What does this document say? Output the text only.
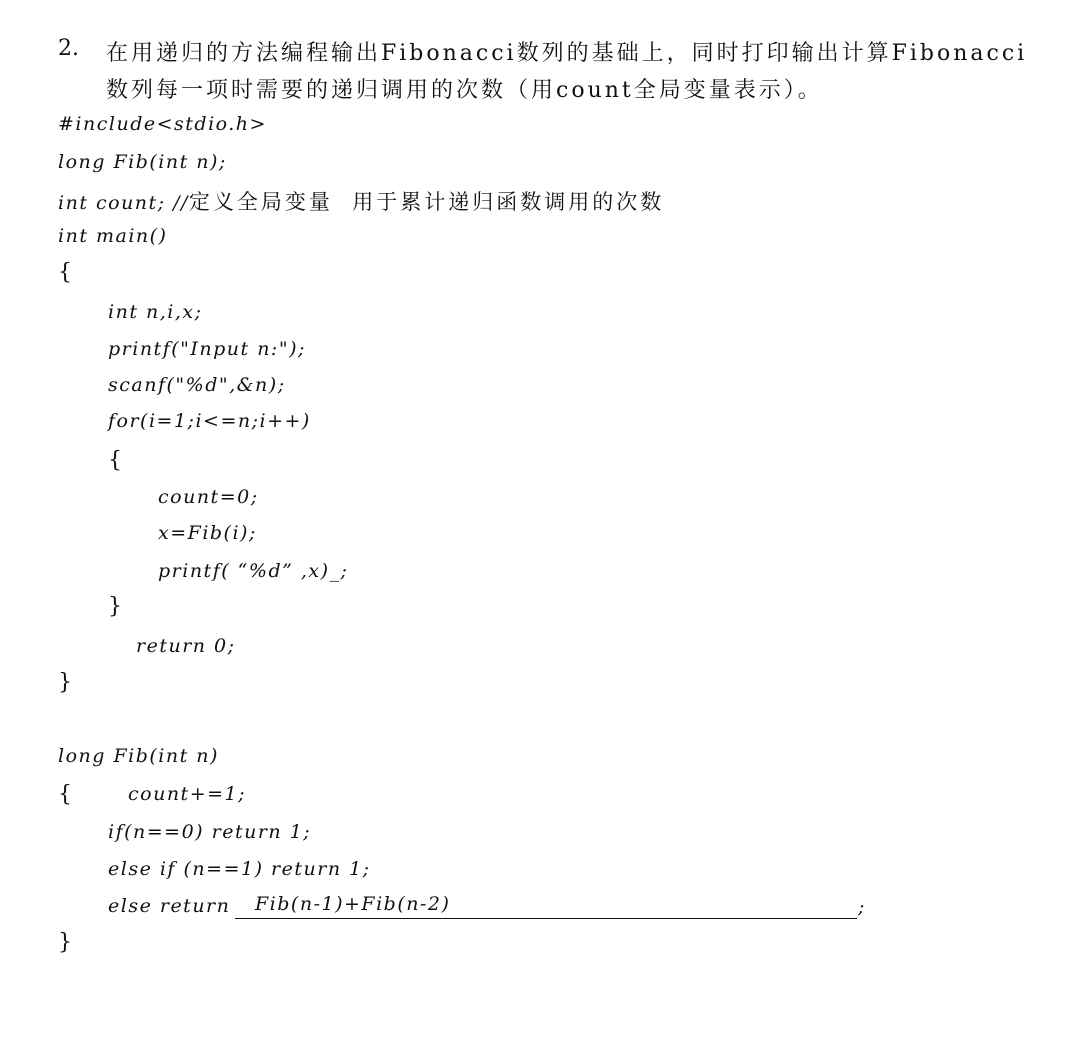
2. 在用递归的方法编程输出Fibonacci数列的基础上，同时打印输出计算Fibonacci
数列每一项时需要的递归调用的次数（用count全局变量表示）。
#include<stdio.h>
long Fib(int n);
int count; //定义全局变量  用于累计递归函数调用的次数
int main()
{
int n,i,x;
printf("Input n:");
scanf("%d",&n);
for(i=1;i<=n;i++)
{
count=0;
x=Fib(i);
printf( “%d” ,x)_;
}
return 0;
}
long Fib(int n)
{	count+=1;
if(n==0) return 1;
else if (n==1) return 1;
else return Fib(n-1)+Fib(n-2)	;
}
